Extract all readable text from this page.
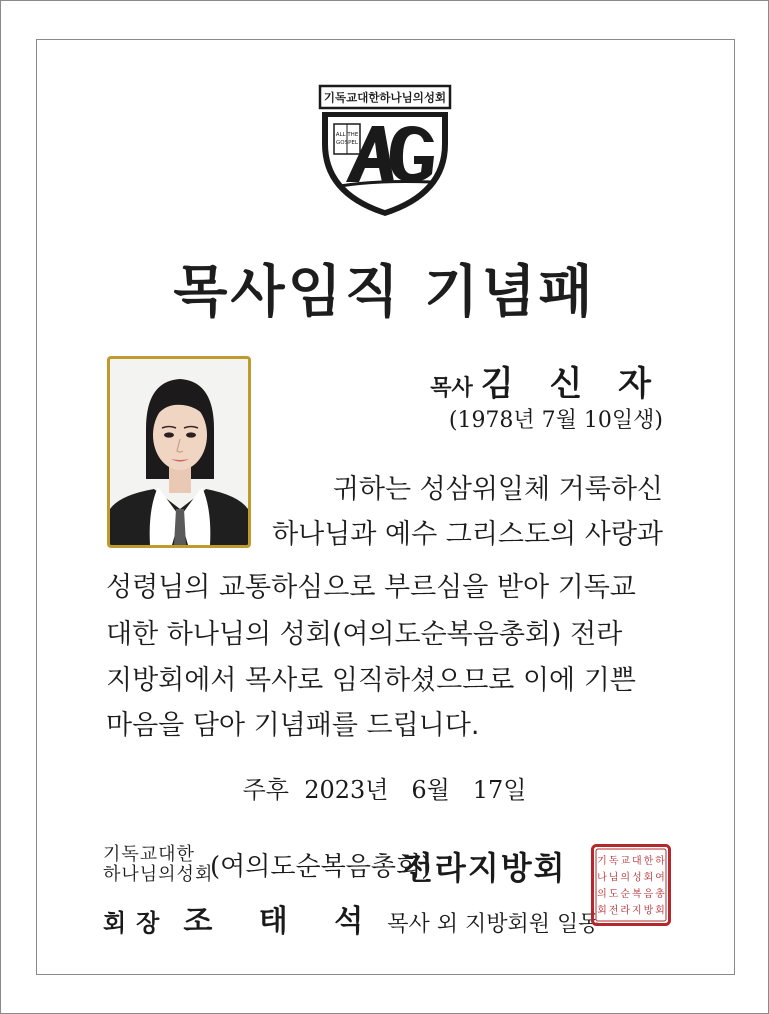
기독교대한하나님의성회
ALL THE
GOSPEL
목사임직 기념패
목사 김 신 자
(1978년 7월 10일생)
귀하는 성삼위일체 거룩하신
하나님과 예수 그리스도의 사랑과
성령님의 교통하심으로 부르심을 받아 기독교
대한 하나님의 성회(여의도순복음총회) 전라
지방회에서 목사로 임직하셨으므로 이에 기쁜
마음을 담아 기념패를 드립니다.
주후  2023년   6월   17일
기독교대한
하나님의성회
(여의도순복음총회)
전라지방회
회장 조 태 석 목사 외 지방회원 일동
기 독 교 대 한 하
나 님 의 성 회 여
의 도 순 복 음 총
회 전 라 지 방 회
